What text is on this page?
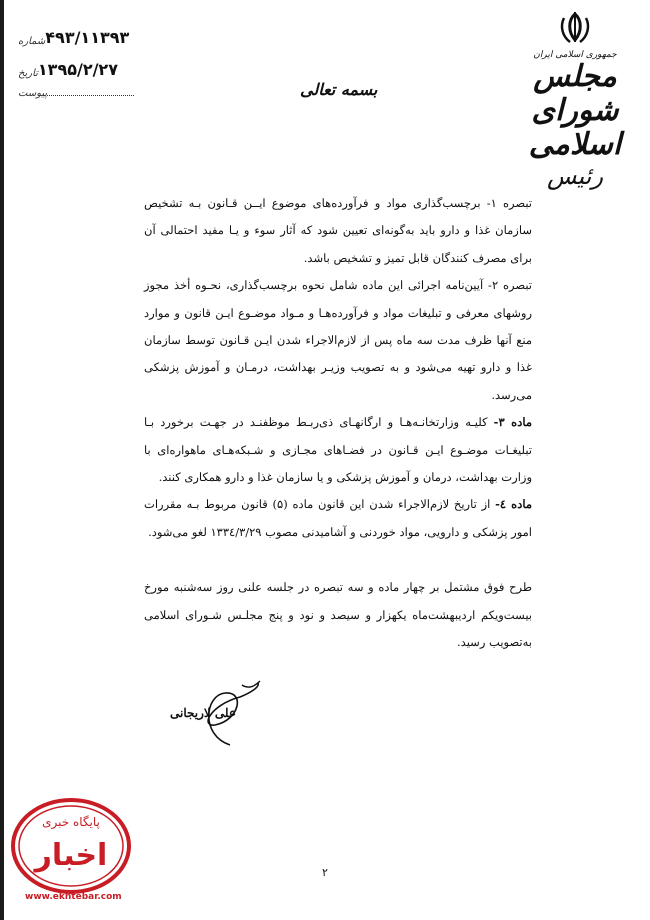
شماره ۴۹۳/۱۱۳۹۳
تاریخ ۱۳۹۵/۲/۲۷
پیوست	بسمه تعالی
جمهوری اسلامی ایران
مجلس شورای اسلامی
رئیس

تبصره ۱- برچسب‌گذاری مواد و فرآورده‌های موضوع ایــن قـانون بـه تشخیص سازمان غذا و دارو باید به‌گونه‌ای تعیین شود که آثار سوء و یـا مفید احتمالی آن برای مصرف کنندگان قابل تمیز و تشخیص باشد.

تبصره ۲- آیین‌نامه اجرائی این ماده شامل نحوه برچسب‌گذاری، نحـوه أخذ مجوز روشهای معرفی و تبلیغات مواد و فرآورده‌هـا و مـواد موضـوع ایـن قانون و موارد منع آنها ظرف مدت سه ماه پس از لازم‌الاجراء شدن ایـن قـانون توسط سازمان غذا و دارو تهیه می‌شود و به تصویب وزیـر بهداشت، درمـان و آموزش پزشکی می‌رسد.

ماده ۳- کلیـه وزارتخانـه‌هـا و ارگانهـای ذی‌ربـط موظفنـد در جهـت برخورد بـا تبلیغـات موضـوع ایـن قـانون در فضـاهای مجـازی و شـبکه‌هـای ماهواره‌ای با وزارت بهداشت، درمان و آموزش پزشکی و یا سازمان غذا و دارو همکاری کنند.

ماده ٤- از تاریخ لازم‌الاجراء شدن این قانون ماده (۵) قانون مربوط بـه مقررات امور پزشکی و دارویی، مواد خوردنی و آشامیدنی مصوب ۱۳۳٤/۳/۲۹ لغو می‌شود.

طرح فوق مشتمل بر چهار ماده و سه تبصره در جلسه علنی روز سه‌شنبه مورخ بیست‌ویکم اردیبهشت‌ماه یکهزار و سیصد و نود و پنج مجلـس شـورای اسلامی به‌تصویب رسید.

علی لاریجانی
۲
پایگاه خبری
اخبار
www.ekhtebar.com
